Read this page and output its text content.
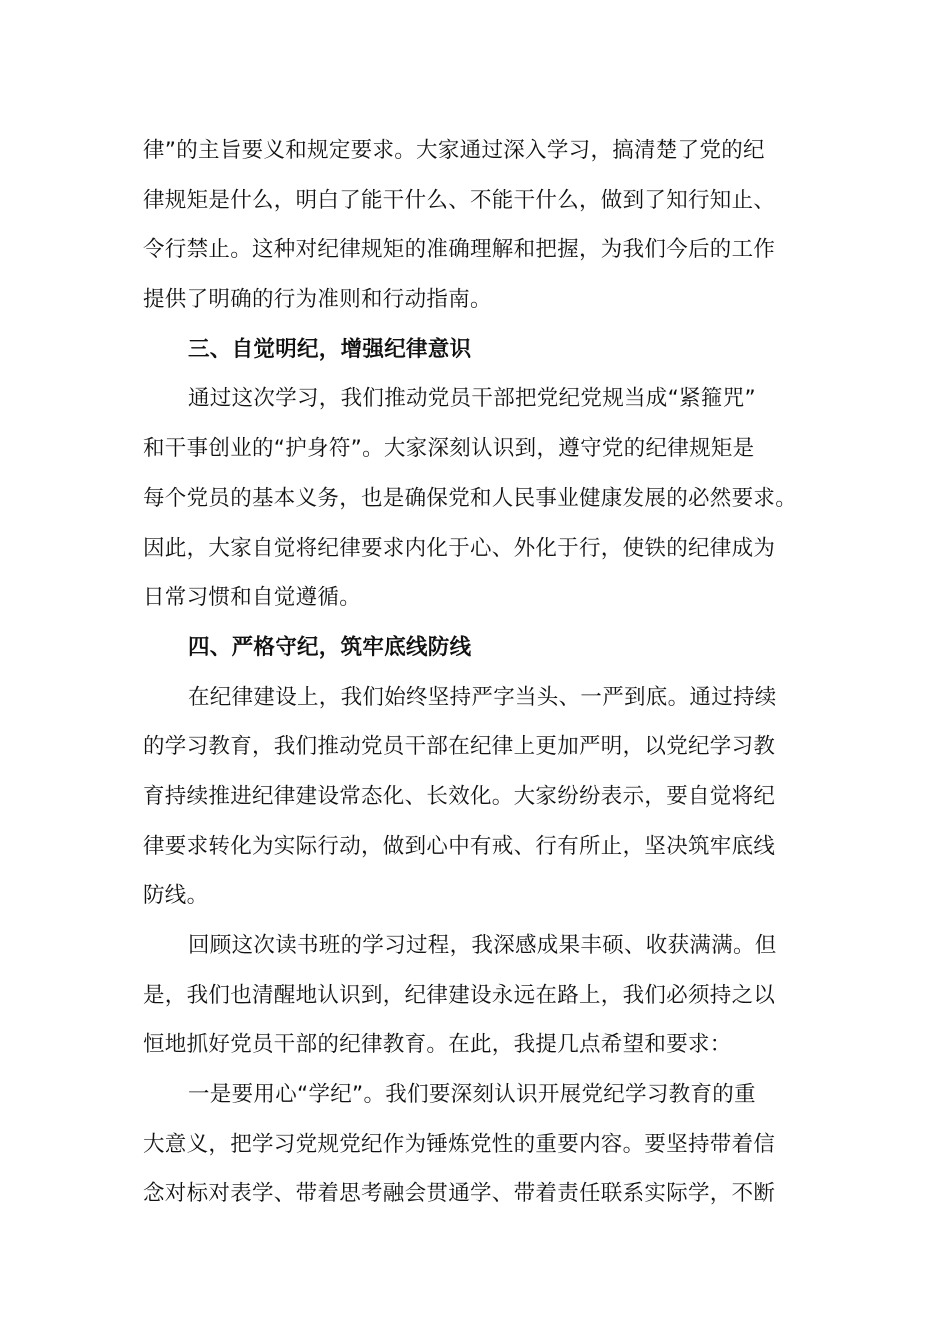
律”的主旨要义和规定要求。大家通过深入学习，搞清楚了党的纪
律规矩是什么，明白了能干什么、不能干什么，做到了知行知止、
令行禁止。这种对纪律规矩的准确理解和把握，为我们今后的工作
提供了明确的行为准则和行动指南。
三、自觉明纪，增强纪律意识
通过这次学习，我们推动党员干部把党纪党规当成“紧箍咒”
和干事创业的“护身符”。大家深刻认识到，遵守党的纪律规矩是
每个党员的基本义务，也是确保党和人民事业健康发展的必然要求。
因此，大家自觉将纪律要求内化于心、外化于行，使铁的纪律成为
日常习惯和自觉遵循。
四、严格守纪，筑牢底线防线
在纪律建设上，我们始终坚持严字当头、一严到底。通过持续
的学习教育，我们推动党员干部在纪律上更加严明，以党纪学习教
育持续推进纪律建设常态化、长效化。大家纷纷表示，要自觉将纪
律要求转化为实际行动，做到心中有戒、行有所止，坚决筑牢底线
防线。
回顾这次读书班的学习过程，我深感成果丰硕、收获满满。但
是，我们也清醒地认识到，纪律建设永远在路上，我们必须持之以
恒地抓好党员干部的纪律教育。在此，我提几点希望和要求：
一是要用心“学纪”。我们要深刻认识开展党纪学习教育的重
大意义，把学习党规党纪作为锤炼党性的重要内容。要坚持带着信
念对标对表学、带着思考融会贯通学、带着责任联系实际学，不断
